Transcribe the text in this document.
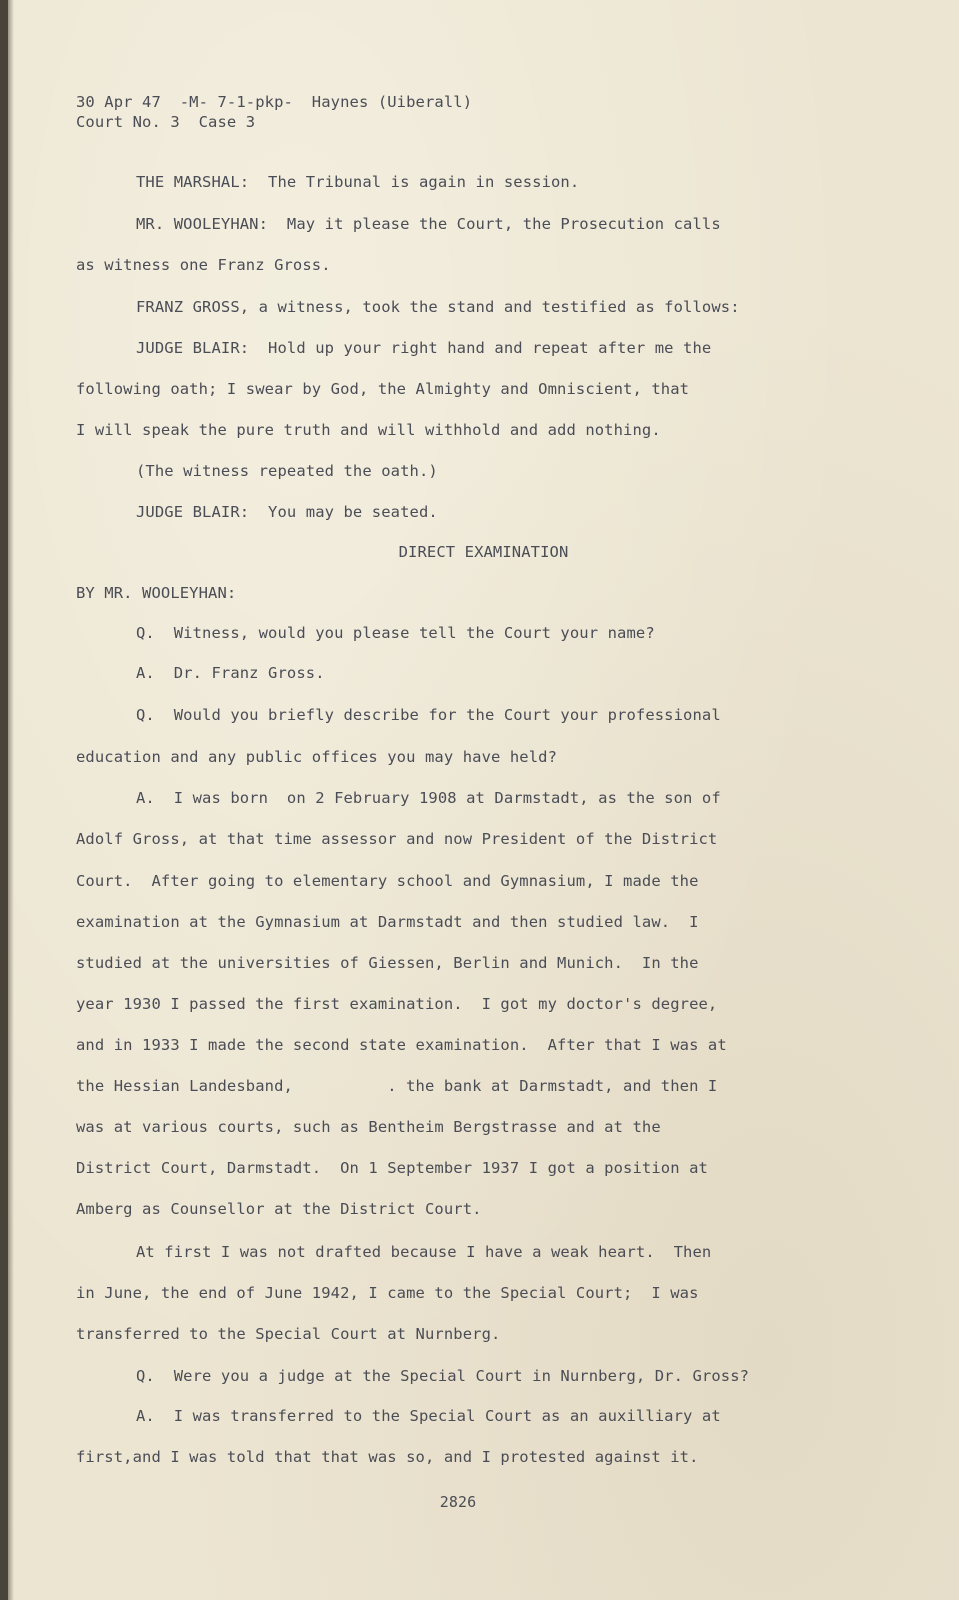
30 Apr 47  -M- 7-1-pkp-  Haynes (Uiberall)
Court No. 3  Case 3
THE MARSHAL:  The Tribunal is again in session.
MR. WOOLEYHAN:  May it please the Court, the Prosecution calls
as witness one Franz Gross.
FRANZ GROSS, a witness, took the stand and testified as follows:
JUDGE BLAIR:  Hold up your right hand and repeat after me the
following oath; I swear by God, the Almighty and Omniscient, that
I will speak the pure truth and will withhold and add nothing.
(The witness repeated the oath.)
JUDGE BLAIR:  You may be seated.
DIRECT EXAMINATION
BY MR. WOOLEYHAN:
Q.  Witness, would you please tell the Court your name?
A.  Dr. Franz Gross.
Q.  Would you briefly describe for the Court your professional
education and any public offices you may have held?
A.  I was born  on 2 February 1908 at Darmstadt, as the son of
Adolf Gross, at that time assessor and now President of the District
Court.  After going to elementary school and Gymnasium, I made the
examination at the Gymnasium at Darmstadt and then studied law.  I
studied at the universities of Giessen, Berlin and Munich.  In the
year 1930 I passed the first examination.  I got my doctor's degree,
and in 1933 I made the second state examination.  After that I was at
the Hessian Landesband,          . the bank at Darmstadt, and then I
was at various courts, such as Bentheim Bergstrasse and at the
District Court, Darmstadt.  On 1 September 1937 I got a position at
Amberg as Counsellor at the District Court.
At first I was not drafted because I have a weak heart.  Then
in June, the end of June 1942, I came to the Special Court;  I was
transferred to the Special Court at Nurnberg.
Q.  Were you a judge at the Special Court in Nurnberg, Dr. Gross?
A.  I was transferred to the Special Court as an auxilliary at
first,and I was told that that was so, and I protested against it.
2826
